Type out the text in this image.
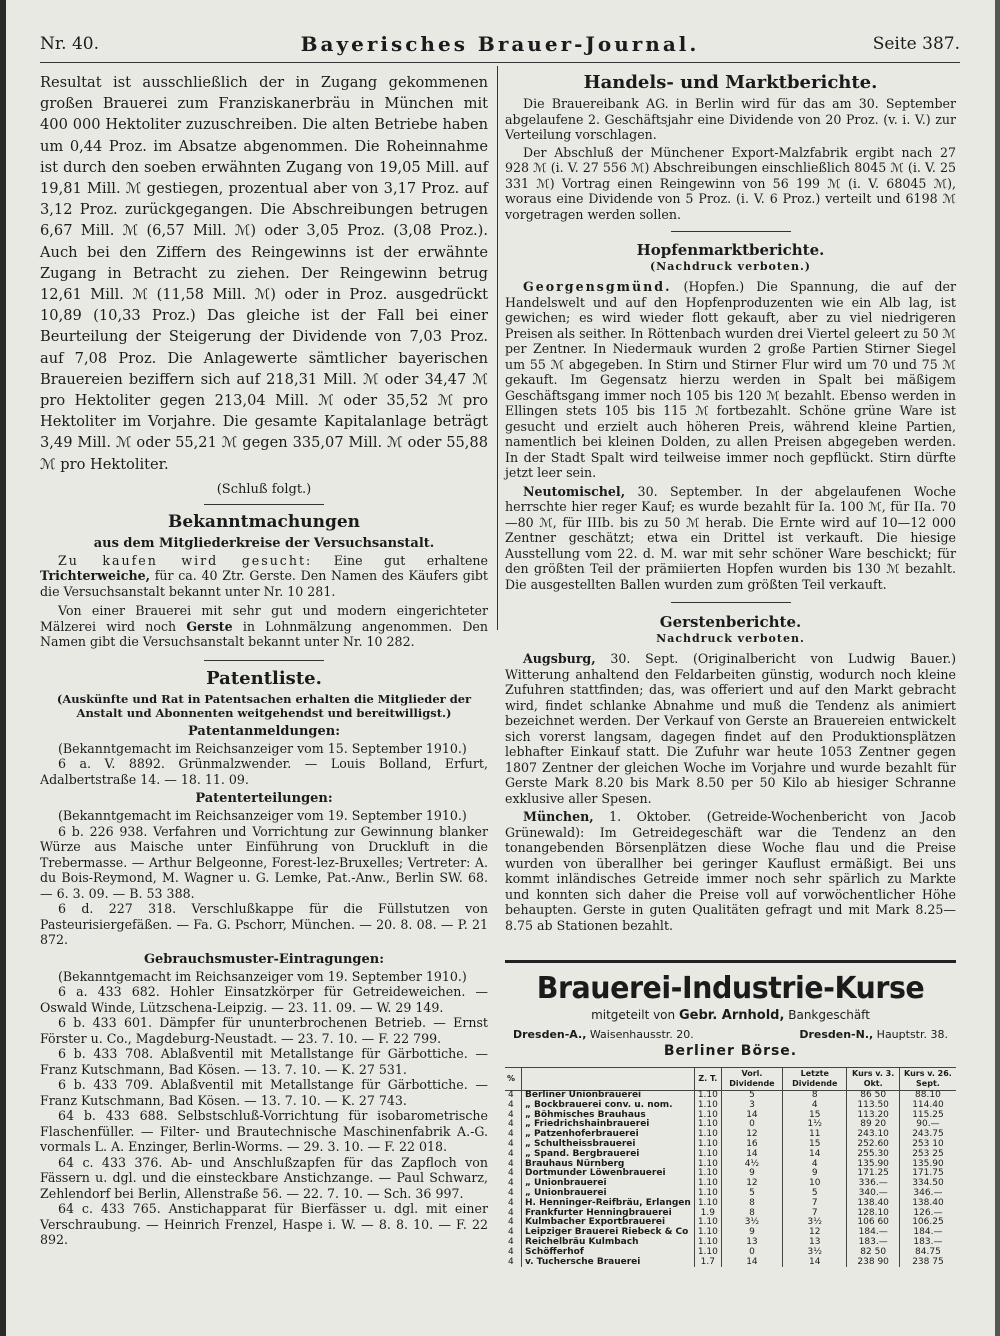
Nr. 40.	Bayerisches Brauer-Journal.	Seite 387.

Resultat ist ausschließlich der in Zugang gekommenen großen Brauerei zum Franziskanerbräu in München mit 400 000 Hektoliter zuzuschreiben. Die alten Betriebe haben um 0,44 Proz. im Absatze abgenommen. Die Roheinnahme ist durch den soeben erwähnten Zugang von 19,05 Mill. auf 19,81 Mill. ℳ gestiegen, prozentual aber von 3,17 Proz. auf 3,12 Proz. zurückgegangen. Die Abschreibungen betrugen 6,67 Mill. ℳ (6,57 Mill. ℳ) oder 3,05 Proz. (3,08 Proz.). Auch bei den Ziffern des Reingewinns ist der erwähnte Zugang in Betracht zu ziehen. Der Reingewinn betrug 12,61 Mill. ℳ (11,58 Mill. ℳ) oder in Proz. ausgedrückt 10,89 (10,33 Proz.) Das gleiche ist der Fall bei einer Beurteilung der Steigerung der Dividende von 7,03 Proz. auf 7,08 Proz. Die Anlagewerte sämtlicher bayerischen Brauereien beziffern sich auf 218,31 Mill. ℳ oder 34,47 ℳ pro Hektoliter gegen 213,04 Mill. ℳ oder 35,52 ℳ pro Hektoliter im Vorjahre. Die gesamte Kapitalanlage beträgt 3,49 Mill. ℳ oder 55,21 ℳ gegen 335,07 Mill. ℳ oder 55,88 ℳ pro Hektoliter.

(Schluß folgt.)

Bekanntmachungen
aus dem Mitgliederkreise der Versuchsanstalt.

Zu kaufen wird gesucht: Eine gut erhaltene Trichterweiche, für ca. 40 Ztr. Gerste. Den Namen des Käufers gibt die Versuchsanstalt bekannt unter Nr. 10 281.

Von einer Brauerei mit sehr gut und modern eingerichteter Mälzerei wird noch Gerste in Lohnmälzung angenommen. Den Namen gibt die Versuchsanstalt bekannt unter Nr. 10 282.

Patentliste.

(Auskünfte und Rat in Patentsachen erhalten die Mitglieder der Anstalt und Abonnenten weitgehendst und bereitwilligst.)

Patentanmeldungen:

(Bekanntgemacht im Reichsanzeiger vom 15. September 1910.)

6 a. V. 8892. Grünmalzwender. — Louis Bolland, Erfurt, Adalbertstraße 14. — 18. 11. 09.

Patenterteilungen:

(Bekanntgemacht im Reichsanzeiger vom 19. September 1910.)

6 b. 226 938. Verfahren und Vorrichtung zur Gewinnung blanker Würze aus Maische unter Einführung von Druckluft in die Trebermasse. — Arthur Belgeonne, Forest-lez-Bruxelles; Vertreter: A. du Bois-Reymond, M. Wagner u. G. Lemke, Pat.-Anw., Berlin SW. 68. — 6. 3. 09. — B. 53 388.

6 d. 227 318. Verschlußkappe für die Füllstutzen von Pasteurisiergefäßen. — Fa. G. Pschorr, München. — 20. 8. 08. — P. 21 872.

Gebrauchsmuster-Eintragungen:

(Bekanntgemacht im Reichsanzeiger vom 19. September 1910.)

6 a. 433 682. Hohler Einsatzkörper für Getreideweichen. — Oswald Winde, Lützschena-Leipzig. — 23. 11. 09. — W. 29 149.

6 b. 433 601. Dämpfer für ununterbrochenen Betrieb. — Ernst Förster u. Co., Magdeburg-Neustadt. — 23. 7. 10. — F. 22 799.

6 b. 433 708. Ablaßventil mit Metallstange für Gärbottiche. — Franz Kutschmann, Bad Kösen. — 13. 7. 10. — K. 27 531.

6 b. 433 709. Ablaßventil mit Metallstange für Gärbottiche. — Franz Kutschmann, Bad Kösen. — 13. 7. 10. — K. 27 743.

64 b. 433 688. Selbstschluß-Vorrichtung für isobarometrische Flaschenfüller. — Filter- und Brautechnische Maschinenfabrik A.-G. vormals L. A. Enzinger, Berlin-Worms. — 29. 3. 10. — F. 22 018.

64 c. 433 376. Ab- und Anschlußzapfen für das Zapfloch von Fässern u. dgl. und die einsteckbare Anstichzange. — Paul Schwarz, Zehlendorf bei Berlin, Allenstraße 56. — 22. 7. 10. — Sch. 36 997.

64 c. 433 765. Anstichapparat für Bierfässer u. dgl. mit einer Verschraubung. — Heinrich Frenzel, Haspe i. W. — 8. 8. 10. — F. 22 892.

Handels- und Marktberichte.

Die Brauereibank AG. in Berlin wird für das am 30. September abgelaufene 2. Geschäftsjahr eine Dividende von 20 Proz. (v. i. V.) zur Verteilung vorschlagen.

Der Abschluß der Münchener Export-Malzfabrik ergibt nach 27 928 ℳ (i. V. 27 556 ℳ) Abschreibungen einschließlich 8045 ℳ (i. V. 25 331 ℳ) Vortrag einen Reingewinn von 56 199 ℳ (i. V. 68045 ℳ), woraus eine Dividende von 5 Proz. (i. V. 6 Proz.) verteilt und 6198 ℳ vorgetragen werden sollen.

Hopfenmarktberichte.
(Nachdruck verboten.)

Georgensgmünd. (Hopfen.) Die Spannung, die auf der Handelswelt und auf den Hopfenproduzenten wie ein Alb lag, ist gewichen; es wird wieder flott gekauft, aber zu viel niedrigeren Preisen als seither. In Röttenbach wurden drei Viertel geleert zu 50 ℳ per Zentner. In Niedermauk wurden 2 große Partien Stirner Siegel um 55 ℳ abgegeben. In Stirn und Stirner Flur wird um 70 und 75 ℳ gekauft. Im Gegensatz hierzu werden in Spalt bei mäßigem Geschäftsgang immer noch 105 bis 120 ℳ bezahlt. Ebenso werden in Ellingen stets 105 bis 115 ℳ fortbezahlt. Schöne grüne Ware ist gesucht und erzielt auch höheren Preis, während kleine Partien, namentlich bei kleinen Dolden, zu allen Preisen abgegeben werden. In der Stadt Spalt wird teilweise immer noch gepflückt. Stirn dürfte jetzt leer sein.

Neutomischel, 30. September. In der abgelaufenen Woche herrschte hier reger Kauf; es wurde bezahlt für Ia. 100 ℳ, für IIa. 70—80 ℳ, für IIIb. bis zu 50 ℳ herab. Die Ernte wird auf 10—12 000 Zentner geschätzt; etwa ein Drittel ist verkauft. Die hiesige Ausstellung vom 22. d. M. war mit sehr schöner Ware beschickt; für den größten Teil der prämiierten Hopfen wurden bis 130 ℳ bezahlt. Die ausgestellten Ballen wurden zum größten Teil verkauft.

Gerstenberichte.
Nachdruck verboten.

Augsburg, 30. Sept. (Originalbericht von Ludwig Bauer.) Witterung anhaltend den Feldarbeiten günstig, wodurch noch kleine Zufuhren stattfinden; das, was offeriert und auf den Markt gebracht wird, findet schlanke Abnahme und muß die Tendenz als animiert bezeichnet werden. Der Verkauf von Gerste an Brauereien entwickelt sich vorerst langsam, dagegen findet auf den Produktionsplätzen lebhafter Einkauf statt. Die Zufuhr war heute 1053 Zentner gegen 1807 Zentner der gleichen Woche im Vorjahre und wurde bezahlt für Gerste Mark 8.20 bis Mark 8.50 per 50 Kilo ab hiesiger Schranne exklusive aller Spesen.

München, 1. Oktober. (Getreide-Wochenbericht von Jacob Grünewald): Im Getreidegeschäft war die Tendenz an den tonangebenden Börsenplätzen diese Woche flau und die Preise wurden von überallher bei geringer Kauflust ermäßigt. Bei uns kommt inländisches Getreide immer noch sehr spärlich zu Markte und konnten sich daher die Preise voll auf vorwöchentlicher Höhe behaupten. Gerste in guten Qualitäten gefragt und mit Mark 8.25—8.75 ab Stationen bezahlt.

Brauerei-Industrie-Kurse
mitgeteilt von Gebr. Arnhold, Bankgeschäft
Dresden-A., Waisenhausstr. 20.	Dresden-N., Hauptstr. 38.
Berliner Börse.
%		Z. T.	Vorl. Dividende	Letzte Dividende	Kurs v. 3. Okt.	Kurs v. 26. Sept.
4	Berliner Unionbrauerei	1.10	5	8	86 50	88.10
4	„ Bockbrauerei conv. u. nom.	1.10	3	4	113.50	114.40
4	„ Böhmisches Brauhaus	1.10	14	15	113.20	115.25
4	„ Friedrichshainbrauerei	1.10	0	1½	89 20	90.—
4	„ Patzenhoferbrauerei	1.10	12	11	243.10	243.75
4	„ Schultheissbrauerei	1.10	16	15	252.60	253 10
4	„ Spand. Bergbrauerei	1.10	14	14	255.30	253 25
4	Brauhaus Nürnberg	1.10	4½	4	135.90	135.90
4	Dortmunder Löwenbrauerei	1.10	9	9	171.25	171.75
4	„ Unionbrauerei	1.10	12	10	336.—	334.50
4	„ Unionbrauerei	1.10	5	5	340.—	346.—
4	H. Henninger-Reifbräu, Erlangen	1.10	8	7	138.40	138.40
4	Frankfurter Henningbrauerei	1.9	8	7	128.10	126.—
4	Kulmbacher Exportbrauerei	1.10	3½	3½	106 60	106.25
4	Leipziger Brauerei Riebeck & Co	1.10	9	12	184.—	184.—
4	Reichelbräu Kulmbach	1.10	13	13	183.—	183.—
4	Schöfferhof	1.10	0	3½	82 50	84.75
4	v. Tuchersche Brauerei	1.7	14	14	238 90	238 75
